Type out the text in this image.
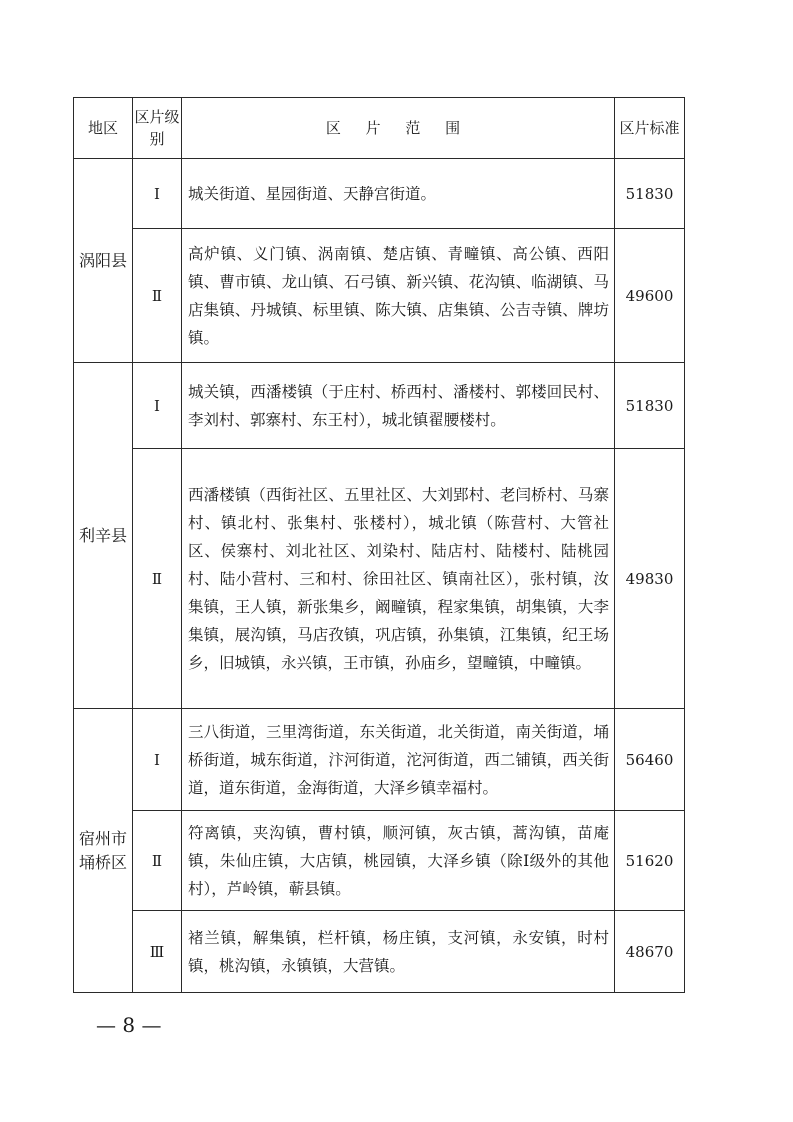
地区	区片级别	区 片 范 围	区片标准
涡阳县	Ⅰ	城关街道、星园街道、天静宫街道。	51830
	Ⅱ	高炉镇、义门镇、涡南镇、楚店镇、青疃镇、高公镇、西阳镇、曹市镇、龙山镇、石弓镇、新兴镇、花沟镇、临湖镇、马店集镇、丹城镇、标里镇、陈大镇、店集镇、公吉寺镇、牌坊镇。	49600
利辛县	Ⅰ	城关镇，西潘楼镇（于庄村、桥西村、潘楼村、郭楼回民村、李刘村、郭寨村、东王村），城北镇翟腰楼村。	51830
	Ⅱ	西潘楼镇（西街社区、五里社区、大刘郢村、老闫桥村、马寨村、镇北村、张集村、张楼村），城北镇（陈营村、大管社区、侯寨村、刘北社区、刘染村、陆店村、陆楼村、陆桃园村、陆小营村、三和村、徐田社区、镇南社区），张村镇，汝集镇，王人镇，新张集乡，阚疃镇，程家集镇，胡集镇，大李集镇，展沟镇，马店孜镇，巩店镇，孙集镇，江集镇，纪王场乡，旧城镇，永兴镇，王市镇，孙庙乡，望疃镇，中疃镇。	49830
宿州市埇桥区	Ⅰ	三八街道，三里湾街道，东关街道，北关街道，南关街道，埇桥街道，城东街道，汴河街道，沱河街道，西二铺镇，西关街道，道东街道，金海街道，大泽乡镇幸福村。	56460
	Ⅱ	符离镇，夹沟镇，曹村镇，顺河镇，灰古镇，蒿沟镇，苗庵镇，朱仙庄镇，大店镇，桃园镇，大泽乡镇（除Ⅰ级外的其他村），芦岭镇，蕲县镇。	51620
	Ⅲ	褚兰镇，解集镇，栏杆镇，杨庄镇，支河镇，永安镇，时村镇，桃沟镇，永镇镇，大营镇。	48670
— 8 —
